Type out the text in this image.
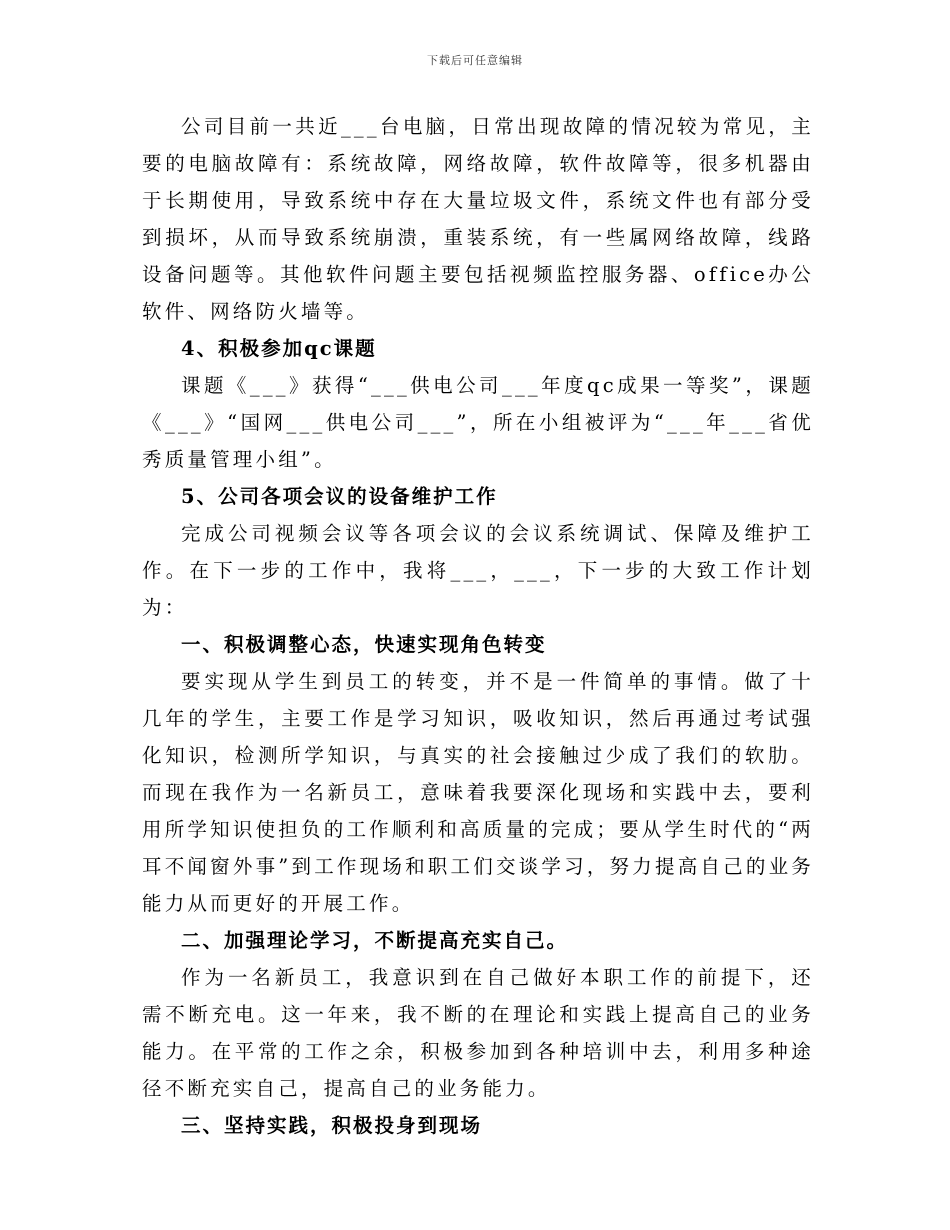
下载后可任意编辑

公司目前一共近___台电脑，日常出现故障的情况较为常见，主要的电脑故障有：系统故障，网络故障，软件故障等，很多机器由于长期使用，导致系统中存在大量垃圾文件，系统文件也有部分受到损坏，从而导致系统崩溃，重装系统，有一些属网络故障，线路设备问题等。其他软件问题主要包括视频监控服务器、office办公软件、网络防火墙等。

4、积极参加qc课题

课题《___》获得“___供电公司___年度qc成果一等奖”，课题《___》“国网___供电公司___”，所在小组被评为“___年___省优秀质量管理小组”。

5、公司各项会议的设备维护工作

完成公司视频会议等各项会议的会议系统调试、保障及维护工作。在下一步的工作中，我将___，___，下一步的大致工作计划为：

一、积极调整心态，快速实现角色转变

要实现从学生到员工的转变，并不是一件简单的事情。做了十几年的学生，主要工作是学习知识，吸收知识，然后再通过考试强化知识，检测所学知识，与真实的社会接触过少成了我们的软肋。而现在我作为一名新员工，意味着我要深化现场和实践中去，要利用所学知识使担负的工作顺利和高质量的完成；要从学生时代的“两耳不闻窗外事”到工作现场和职工们交谈学习，努力提高自己的业务能力从而更好的开展工作。

二、加强理论学习，不断提高充实自己。

作为一名新员工，我意识到在自己做好本职工作的前提下，还需不断充电。这一年来，我不断的在理论和实践上提高自己的业务能力。在平常的工作之余，积极参加到各种培训中去，利用多种途径不断充实自己，提高自己的业务能力。

三、坚持实践，积极投身到现场
